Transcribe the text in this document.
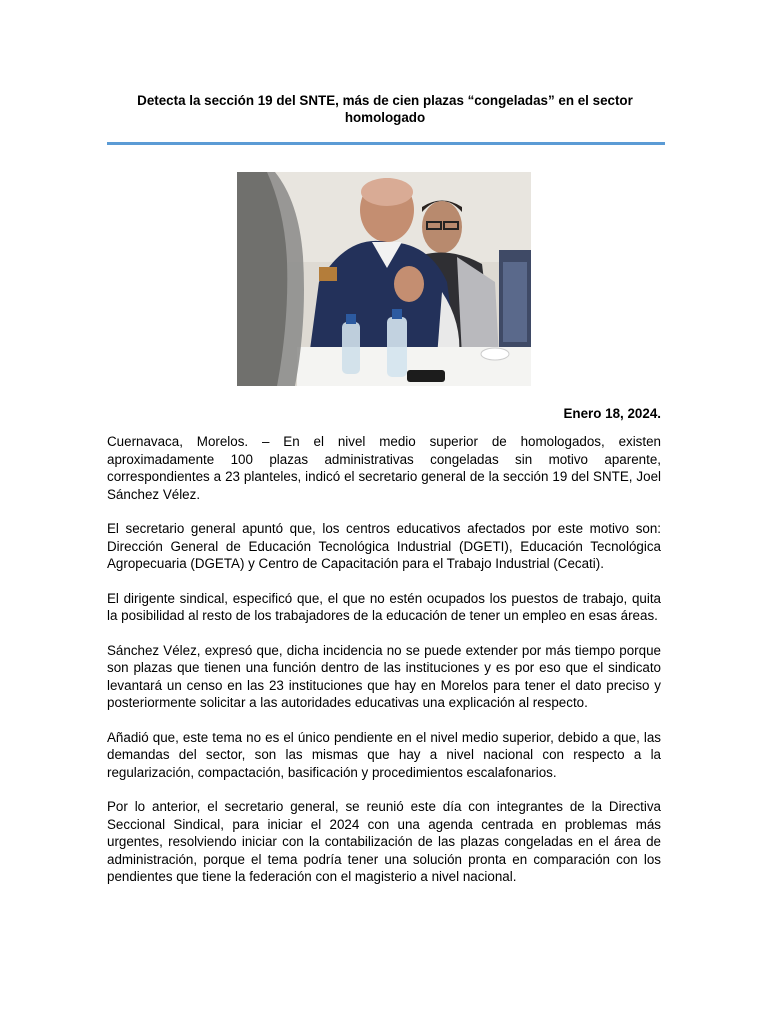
Detecta la sección 19 del SNTE, más de cien plazas “congeladas” en el sector homologado
Enero 18, 2024.

Cuernavaca, Morelos. – En el nivel medio superior de homologados, existen aproximadamente 100 plazas administrativas congeladas sin motivo aparente, correspondientes a 23 planteles, indicó el secretario general de la sección 19 del SNTE, Joel Sánchez Vélez.

El secretario general apuntó que, los centros educativos afectados por este motivo son: Dirección General de Educación Tecnológica Industrial (DGETI), Educación Tecnológica Agropecuaria (DGETA) y Centro de Capacitación para el Trabajo Industrial (Cecati).

El dirigente sindical, especificó que, el que no estén ocupados los puestos de trabajo, quita la posibilidad al resto de los trabajadores de la educación de tener un empleo en esas áreas.

Sánchez Vélez, expresó que, dicha incidencia no se puede extender por más tiempo porque son plazas que tienen una función dentro de las instituciones y es por eso que el sindicato levantará un censo en las 23 instituciones que hay en Morelos para tener el dato preciso y posteriormente solicitar a las autoridades educativas una explicación al respecto.

Añadió que, este tema no es el único pendiente en el nivel medio superior, debido a que, las demandas del sector, son las mismas que hay a nivel nacional con respecto a la regularización, compactación, basificación y procedimientos escalafonarios.

Por lo anterior, el secretario general, se reunió este día con integrantes de la Directiva Seccional Sindical, para iniciar el 2024 con una agenda centrada en problemas más urgentes, resolviendo iniciar con la contabilización de las plazas congeladas en el área de administración, porque el tema podría tener una solución pronta en comparación con los pendientes que tiene la federación con el magisterio a nivel nacional.
